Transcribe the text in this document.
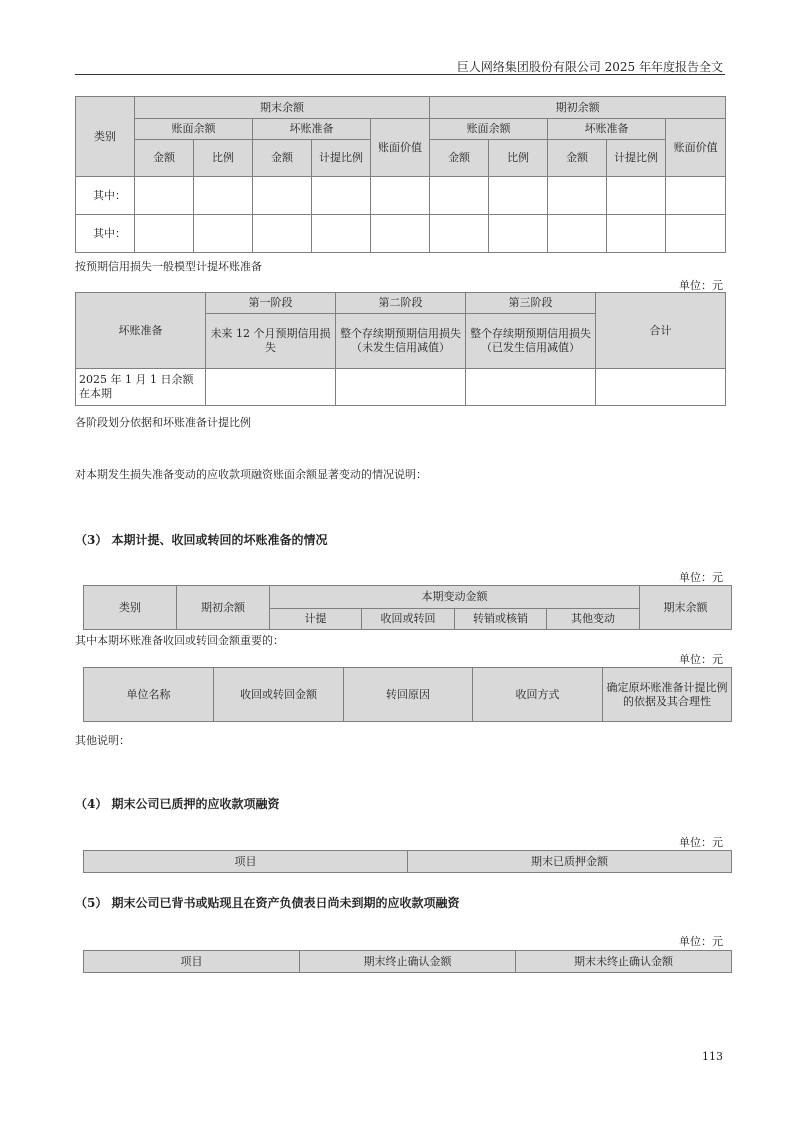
巨人网络集团股份有限公司 2025 年年度报告全文
类别	期末余额					期初余额				
	账面余额		坏账准备		账面价值	账面余额		坏账准备		账面价值
	金额	比例	金额	计提比例		金额	比例	金额	计提比例	
其中：										
其中：										
按预期信用损失一般模型计提坏账准备
单位：元
坏账准备	第一阶段	第二阶段	第三阶段	合计
	未来 12 个月预期信用损失	整个存续期预期信用损失（未发生信用减值）	整个存续期预期信用损失（已发生信用减值）	
2025 年 1 月 1 日余额在本期				
各阶段划分依据和坏账准备计提比例
对本期发生损失准备变动的应收款项融资账面余额显著变动的情况说明：
（3） 本期计提、收回或转回的坏账准备的情况
单位：元
类别	期初余额	本期变动金额				期末余额
		计提	收回或转回	转销或核销	其他变动	
其中本期坏账准备收回或转回金额重要的：
单位：元
单位名称	收回或转回金额	转回原因	收回方式	确定原坏账准备计提比例的依据及其合理性
其他说明：
（4） 期末公司已质押的应收款项融资
单位：元
项目	期末已质押金额
（5） 期末公司已背书或贴现且在资产负债表日尚未到期的应收款项融资
单位：元
项目	期末终止确认金额	期末未终止确认金额
113
